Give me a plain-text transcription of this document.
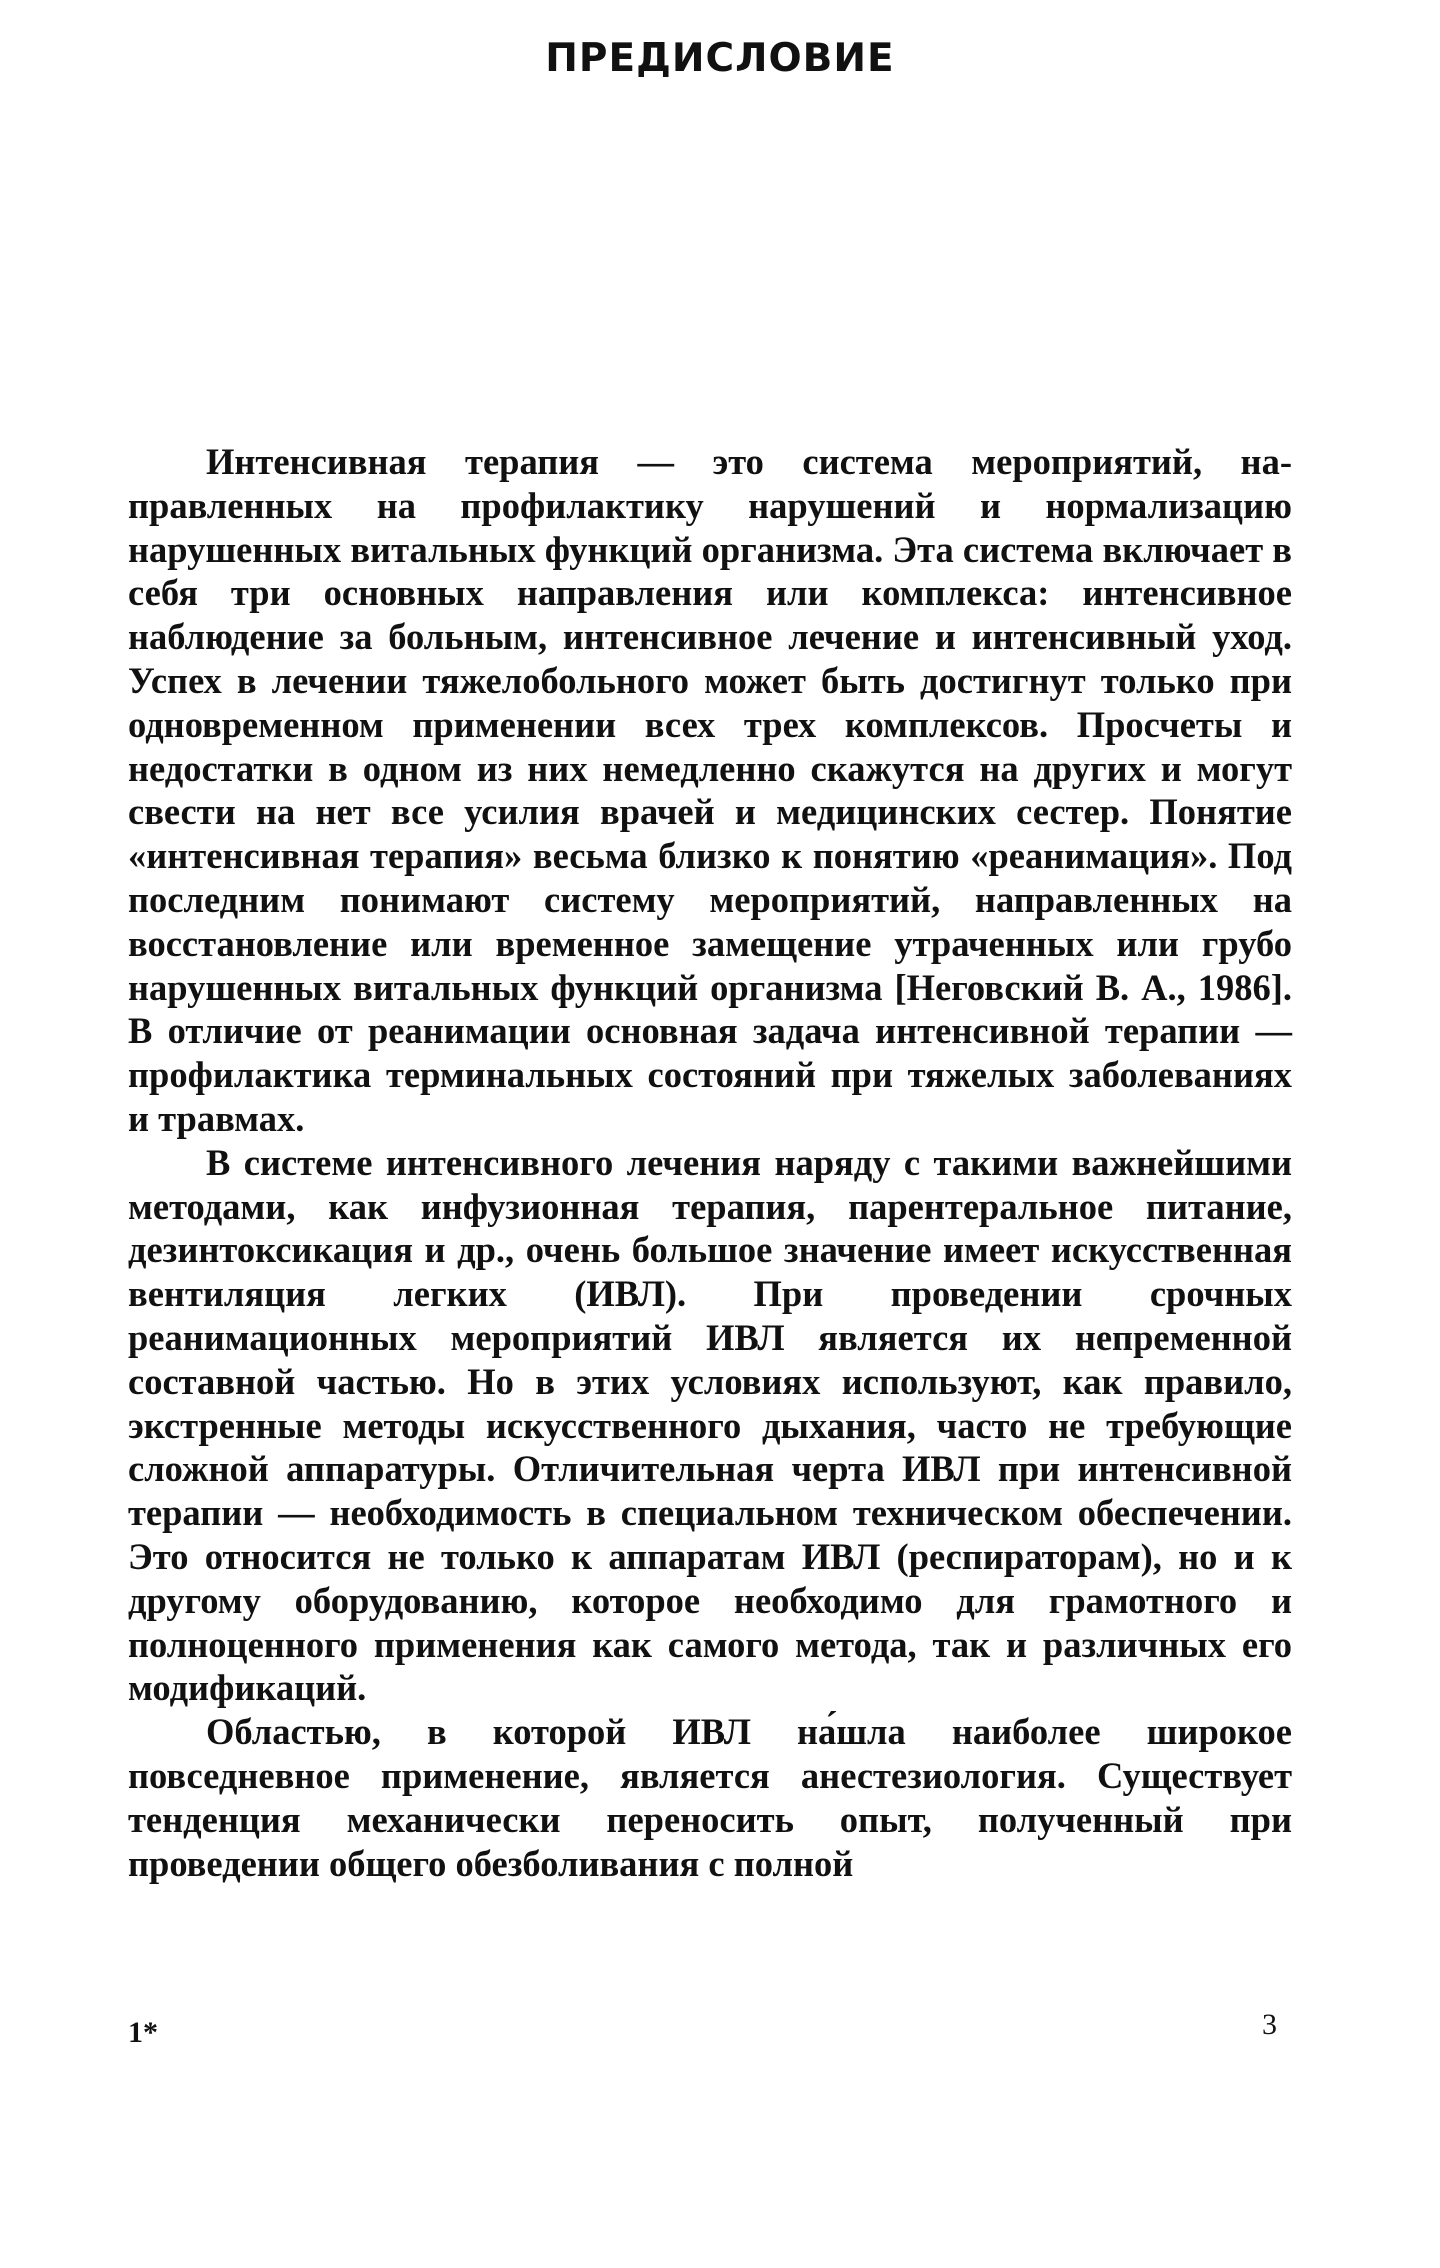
ПРЕДИСЛОВИЕ

Интенсивная терапия — это система мероприятий, направленных на профилактику нарушений и нормализацию нарушенных витальных функций организма. Эта система включает в себя три основных направления или комплекса: интенсивное наблюдение за больным, интенсивное лечение и интенсивный уход. Успех в лечении тяжелобольного может быть достигнут только при одновременном применении всех трех комплексов. Просчеты и недостатки в одном из них немедленно скажутся на других и могут свести на нет все усилия врачей и медицинских сестер. Понятие «интенсивная терапия» весьма близко к понятию «реанимация». Под последним понимают систему мероприятий, направленных на восстановление или временное замещение утраченных или грубо нарушенных витальных функций организма [Неговский В. А., 1986]. В отличие от реанимации основная задача интенсивной терапии — профилактика терминальных состояний при тяжелых заболеваниях и травмах.

В системе интенсивного лечения наряду с такими важнейшими методами, как инфузионная терапия, парентеральное питание, дезинтоксикация и др., очень большое значение имеет искусственная вентиляция легких (ИВЛ). При проведении срочных реанимационных мероприятий ИВЛ является их непременной составной частью. Но в этих условиях используют, как правило, экстренные методы искусственного дыхания, часто не требующие сложной аппаратуры. Отличительная черта ИВЛ при интенсивной терапии — необходимость в специальном техническом обеспечении. Это относится не только к аппаратам ИВЛ (респираторам), но и к другому оборудованию, которое необходимо для грамотного и полноценного применения как самого метода, так и различных его модификаций.

Областью, в которой ИВЛ на́шла наиболее широкое повседневное применение, является анестезиология. Существует тенденция механически переносить опыт, полученный при проведении общего обезболивания с полной

1*	3
